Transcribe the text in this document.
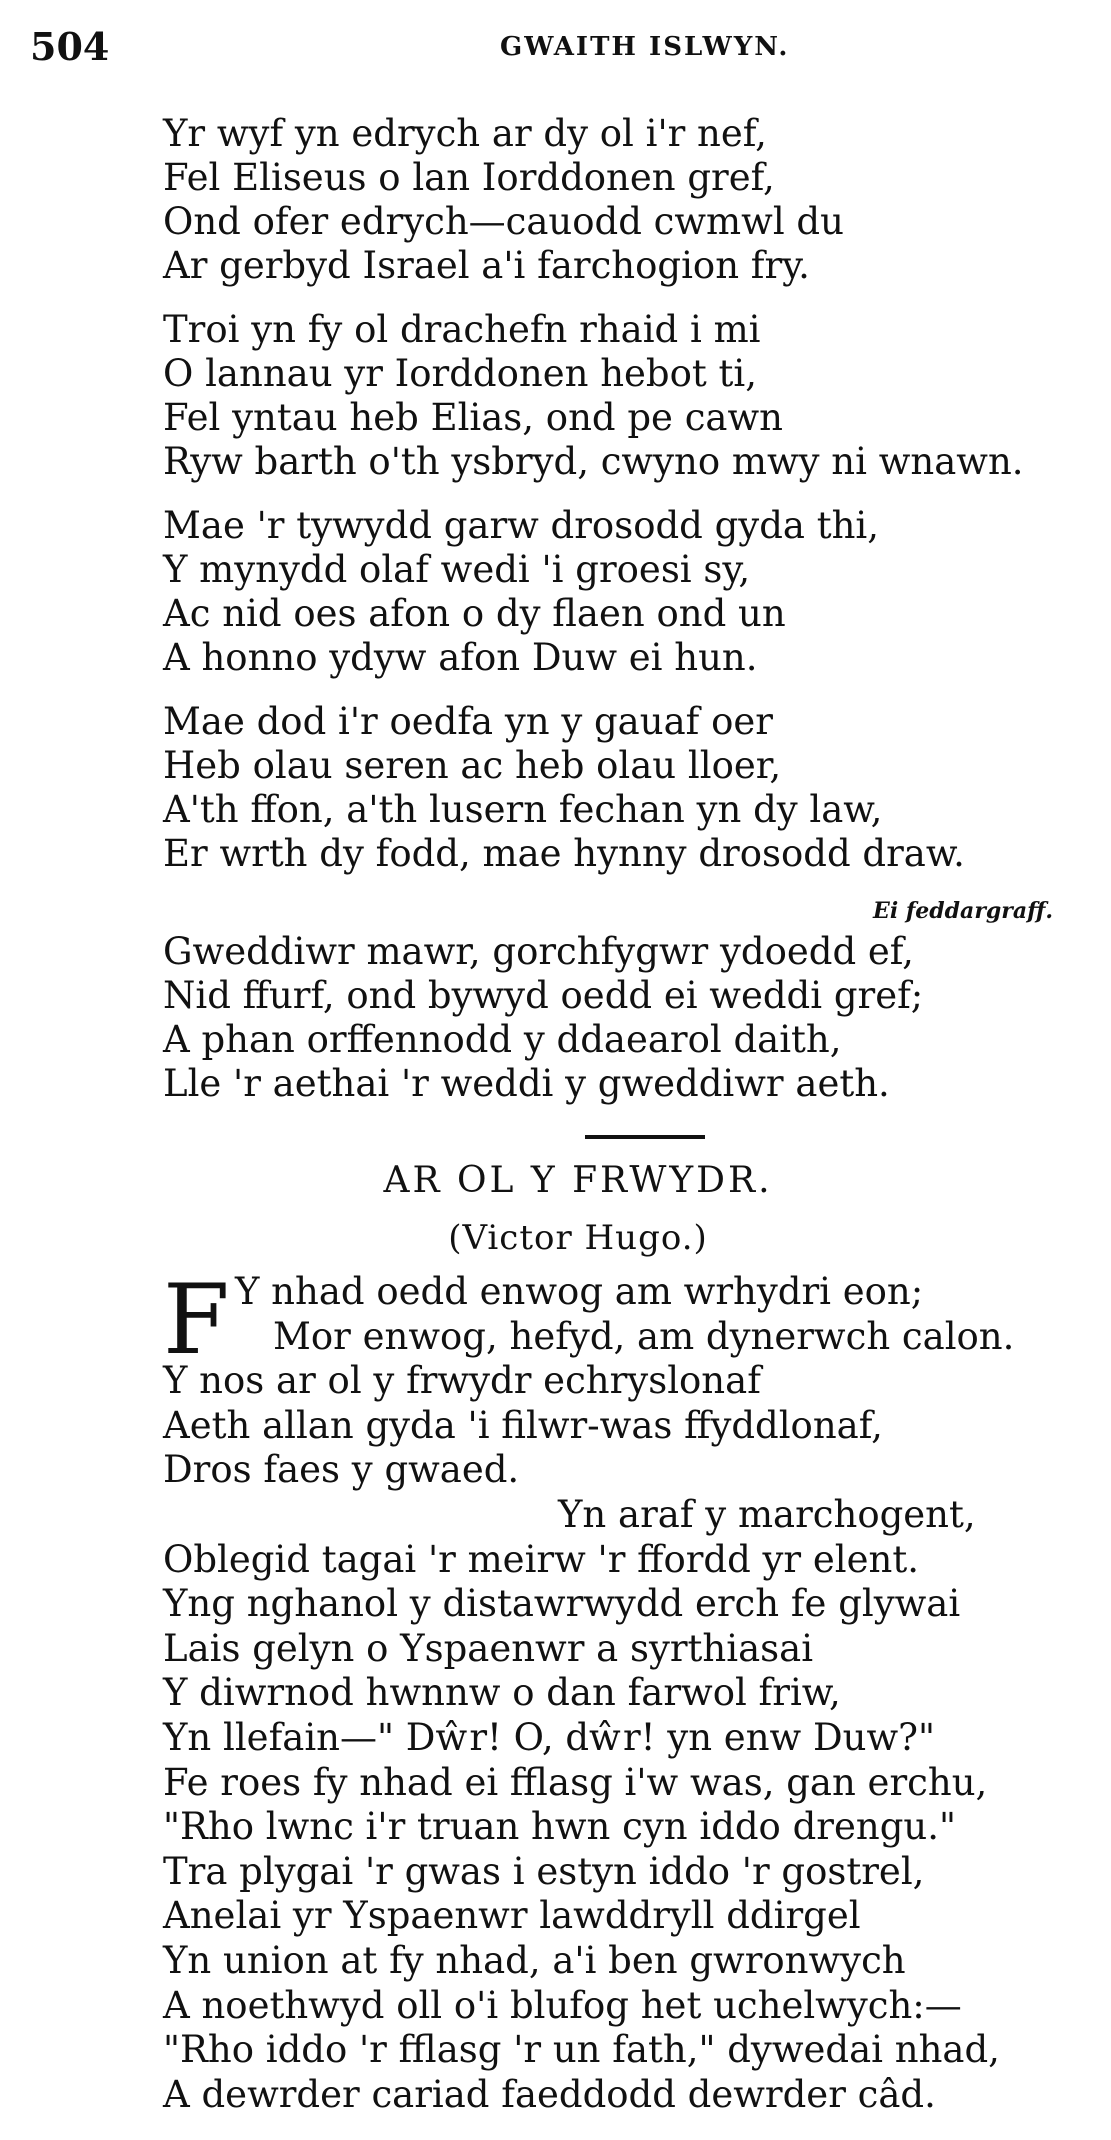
504	GWAITH ISLWYN.
Yr wyf yn edrych ar dy ol i'r nef,
Fel Eliseus o lan Iorddonen gref,
Ond ofer edrych—cauodd cwmwl du
Ar gerbyd Israel a'i farchogion fry.
Troi yn fy ol drachefn rhaid i mi
O lannau yr Iorddonen hebot ti,
Fel yntau heb Elias, ond pe cawn
Ryw barth o'th ysbryd, cwyno mwy ni wnawn.
Mae 'r tywydd garw drosodd gyda thi,
Y mynydd olaf wedi 'i groesi sy,
Ac nid oes afon o dy flaen ond un
A honno ydyw afon Duw ei hun.
Mae dod i'r oedfa yn y gauaf oer
Heb olau seren ac heb olau lloer,
A'th ffon, a'th lusern fechan yn dy law,
Er wrth dy fodd, mae hynny drosodd draw.
Ei feddargraff.
Gweddiwr mawr, gorchfygwr ydoedd ef,
Nid ffurf, ond bywyd oedd ei weddi gref;
A phan orffennodd y ddaearol daith,
Lle 'r aethai 'r weddi y gweddiwr aeth.
AR OL Y FRWYDR.
(Victor Hugo.)
F Y nhad oedd enwog am wrhydri eon;
Mor enwog, hefyd, am dynerwch calon.
Y nos ar ol y frwydr echryslonaf
Aeth allan gyda 'i filwr-was ffyddlonaf,
Dros faes y gwaed.
Yn araf y marchogent,
Oblegid tagai 'r meirw 'r ffordd yr elent.
Yng nghanol y distawrwydd erch fe glywai
Lais gelyn o Yspaenwr a syrthiasai
Y diwrnod hwnnw o dan farwol friw,
Yn llefain—" Dŵr! O, dŵr! yn enw Duw?"
Fe roes fy nhad ei fflasg i'w was, gan erchu,
"Rho lwnc i'r truan hwn cyn iddo drengu."
Tra plygai 'r gwas i estyn iddo 'r gostrel,
Anelai yr Yspaenwr lawddryll ddirgel
Yn union at fy nhad, a'i ben gwronwych
A noethwyd oll o'i blufog het uchelwych:—
"Rho iddo 'r fflasg 'r un fath," dywedai nhad,
A dewrder cariad faeddodd dewrder câd.
